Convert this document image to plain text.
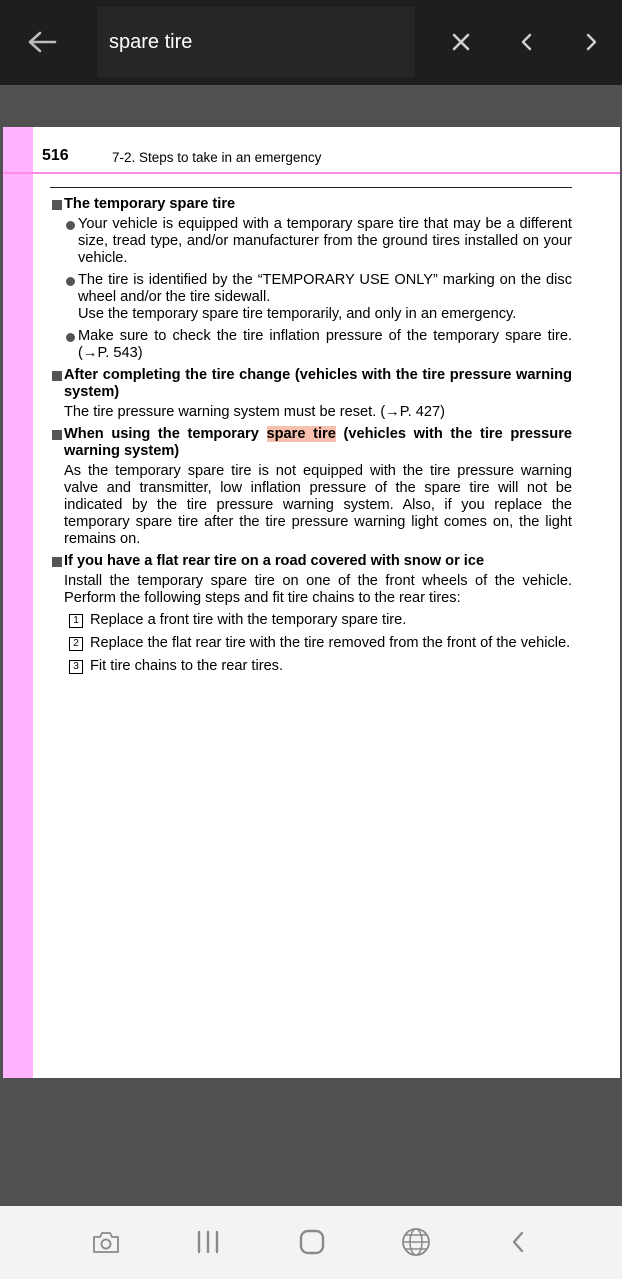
spare tire
516	7-2. Steps to take in an emergency
The temporary spare tire
Your vehicle is equipped with a temporary spare tire that may be a different size, tread type, and/or manufacturer from the ground tires installed on your vehicle.
The tire is identified by the “TEMPORARY USE ONLY” marking on the disc wheel and/or the tire sidewall.
Use the temporary spare tire temporarily, and only in an emergency.
Make sure to check the tire inflation pressure of the temporary spare tire. (→P. 543)
After completing the tire change (vehicles with the tire pressure warning system)
The tire pressure warning system must be reset. (→P. 427)
When using the temporary spare tire (vehicles with the tire pressure warning system)
As the temporary spare tire is not equipped with the tire pressure warning valve and transmitter, low inflation pressure of the spare tire will not be indicated by the tire pressure warning system. Also, if you replace the temporary spare tire after the tire pressure warning light comes on, the light remains on.
If you have a flat rear tire on a road covered with snow or ice
Install the temporary spare tire on one of the front wheels of the vehicle. Perform the following steps and fit tire chains to the rear tires:
1 Replace a front tire with the temporary spare tire.
2 Replace the flat rear tire with the tire removed from the front of the vehicle.
3 Fit tire chains to the rear tires.
